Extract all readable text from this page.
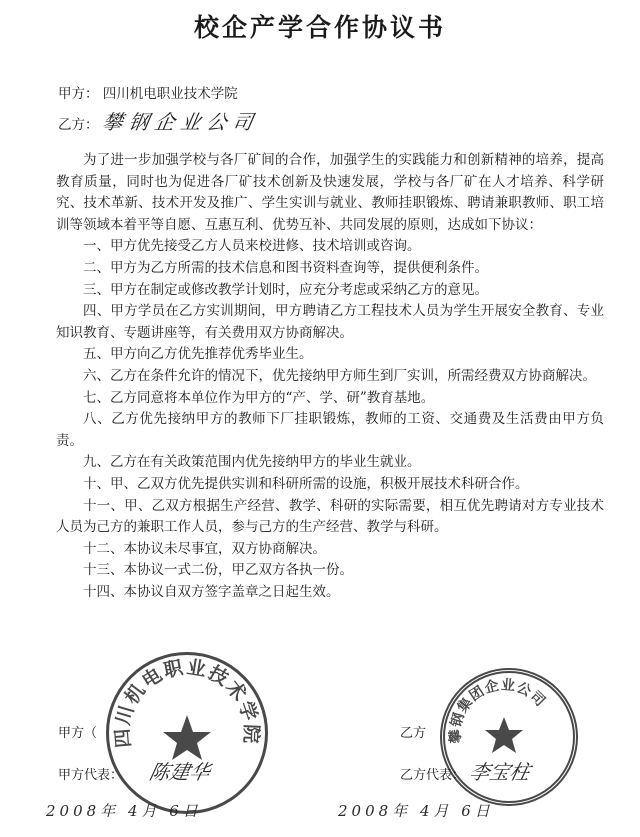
校企产学合作协议书
甲方： 四川机电职业技术学院
乙方： 攀钢企业公司

为了进一步加强学校与各厂矿间的合作，加强学生的实践能力和创新精神的培养，提高教育质量，同时也为促进各厂矿技术创新及快速发展，学校与各厂矿在人才培养、科学研究、技术革新、技术开发及推广、学生实训与就业、教师挂职锻炼、聘请兼职教师、职工培训等领域本着平等自愿、互惠互利、优势互补、共同发展的原则，达成如下协议：

一、甲方优先接受乙方人员来校进修、技术培训或咨询。

二、甲方为乙方所需的技术信息和图书资料查询等，提供便利条件。

三、甲方在制定或修改教学计划时，应充分考虑或采纳乙方的意见。

四、甲方学员在乙方实训期间，甲方聘请乙方工程技术人员为学生开展安全教育、专业知识教育、专题讲座等，有关费用双方协商解决。

五、甲方向乙方优先推荐优秀毕业生。

六、乙方在条件允许的情况下，优先接纳甲方师生到厂实训，所需经费双方协商解决。

七、乙方同意将本单位作为甲方的“产、学、研”教育基地。

八、乙方优先接纳甲方的教师下厂挂职锻炼，教师的工资、交通费及生活费由甲方负责。

九、乙方在有关政策范围内优先接纳甲方的毕业生就业。

十、甲、乙双方优先提供实训和科研所需的设施，积极开展技术科研合作。

十一、甲、乙双方根据生产经营、教学、科研的实际需要，相互优先聘请对方专业技术人员为己方的兼职工作人员，参与己方的生产经营、教学与科研。

十二、本协议未尽事宜，双方协商解决。

十三、本协议一式二份，甲乙双方各执一份。

十四、本协议自双方签字盖章之日起生效。

四川机电职业技术学院	攀钢集团企业公司
甲方（
甲方代表： 陈建华
乙方
乙方代表： 李宝柱
2008年 4月 6日	2008年 4月 6日
